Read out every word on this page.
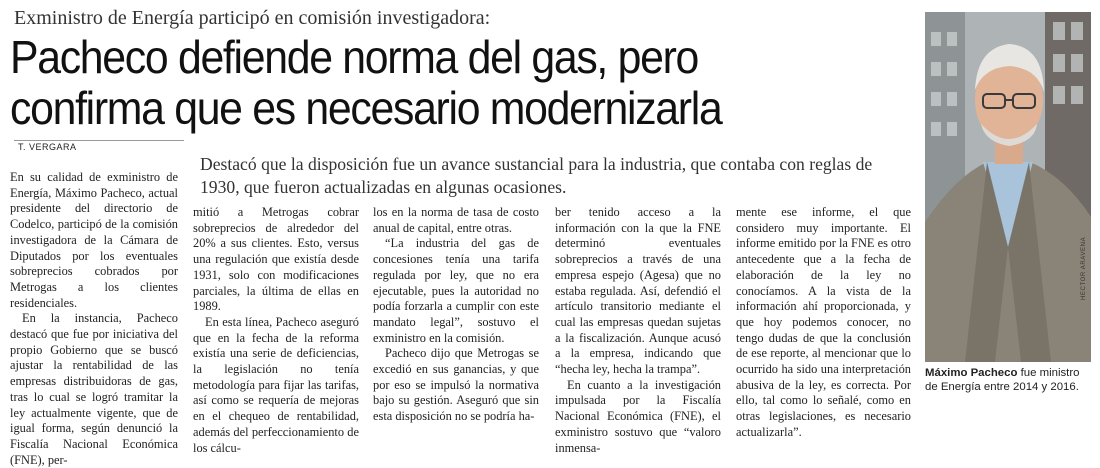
Exministro de Energía participó en comisión investigadora:
Pacheco defiende norma del gas, pero
confirma que es necesario modernizarla
T. VERGARA
Destacó que la disposición fue un avance sustancial para la industria, que contaba con reglas de 1930, que fueron actualizadas en algunas ocasiones.

En su calidad de exministro de Energía, Máximo Pacheco, actual presidente del directorio de Codelco, participó de la comisión investigadora de la Cámara de Diputados por los eventuales sobreprecios cobrados por Metrogas a los clientes residenciales.

En la instancia, Pacheco destacó que fue por iniciativa del propio Gobierno que se buscó ajustar la rentabilidad de las empresas distribuidoras de gas, tras lo cual se logró tramitar la ley actualmente vigente, que de igual forma, según denunció la Fiscalía Nacional Económica (FNE), per-

mitió a Metrogas cobrar sobreprecios de alrededor del 20% a sus clientes. Esto, versus una regulación que existía desde 1931, solo con modificaciones parciales, la última de ellas en 1989.

En esta línea, Pacheco aseguró que en la fecha de la reforma existía una serie de deficiencias, la legislación no tenía metodología para fijar las tarifas, así como se requería de mejoras en el chequeo de rentabilidad, además del perfeccionamiento de los cálcu-

los en la norma de tasa de costo anual de capital, entre otras.

“La industria del gas de concesiones tenía una tarifa regulada por ley, que no era ejecutable, pues la autoridad no podía forzarla a cumplir con este mandato legal”, sostuvo el exministro en la comisión.

Pacheco dijo que Metrogas se excedió en sus ganancias, y que por eso se impulsó la normativa bajo su gestión. Aseguró que sin esta disposición no se podría ha-

ber tenido acceso a la información con la que la FNE determinó eventuales sobreprecios a través de una empresa espejo (Agesa) que no estaba regulada. Así, defendió el artículo transitorio mediante el cual las empresas quedan sujetas a la fiscalización. Aunque acusó a la empresa, indicando que “hecha ley, hecha la trampa”.

En cuanto a la investigación impulsada por la Fiscalía Nacional Económica (FNE), el exministro sostuvo que “valoro inmensa-

mente ese informe, el que considero muy importante. El informe emitido por la FNE es otro antecedente que a la fecha de elaboración de la ley no conocíamos. A la vista de la información ahí proporcionada, y que hoy podemos conocer, no tengo dudas de que la conclusión de ese reporte, al mencionar que lo ocurrido ha sido una interpretación abusiva de la ley, es correcta. Por ello, tal como lo señalé, como en otras legislaciones, es necesario actualizarla”.

HECTOR ARAVENA
Máximo Pacheco fue ministro de Energía entre 2014 y 2016.
